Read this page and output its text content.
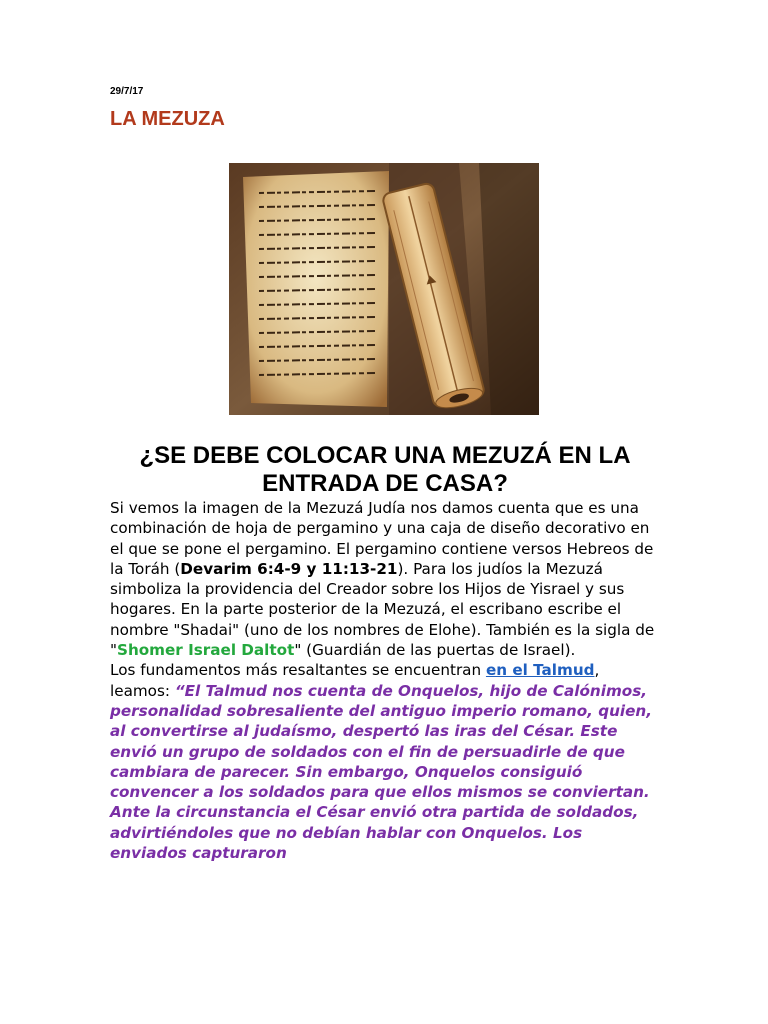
29/7/17
LA MEZUZA
¿SE DEBE COLOCAR UNA MEZUZÁ EN LA ENTRADA DE CASA?

Si vemos la imagen de la Mezuzá Judía nos damos cuenta que es una combinación de hoja de pergamino y una caja de diseño decorativo en el que se pone el pergamino. El pergamino contiene versos Hebreos de la Toráh (Devarim 6:4-9 y 11:13-21). Para los judíos la Mezuzá simboliza la providencia del Creador sobre los Hijos de Yisrael y sus hogares. En la parte posterior de la Mezuzá, el escribano escribe el nombre "Shadai" (uno de los nombres de Elohe). También es la sigla de "Shomer Israel Daltot" (Guardián de las puertas de Israel).

Los fundamentos más resaltantes se encuentran en el Talmud, leamos: “El Talmud nos cuenta de Onquelos, hijo de Calónimos, personalidad sobresaliente del antiguo imperio romano, quien, al convertirse al judaísmo, despertó las iras del César. Este envió un grupo de soldados con el fin de persuadirle de que cambiara de parecer. Sin embargo, Onquelos consiguió convencer a los soldados para que ellos mismos se conviertan. Ante la circunstancia el César envió otra partida de soldados, advirtiéndoles que no debían hablar con Onquelos. Los enviados capturaron
